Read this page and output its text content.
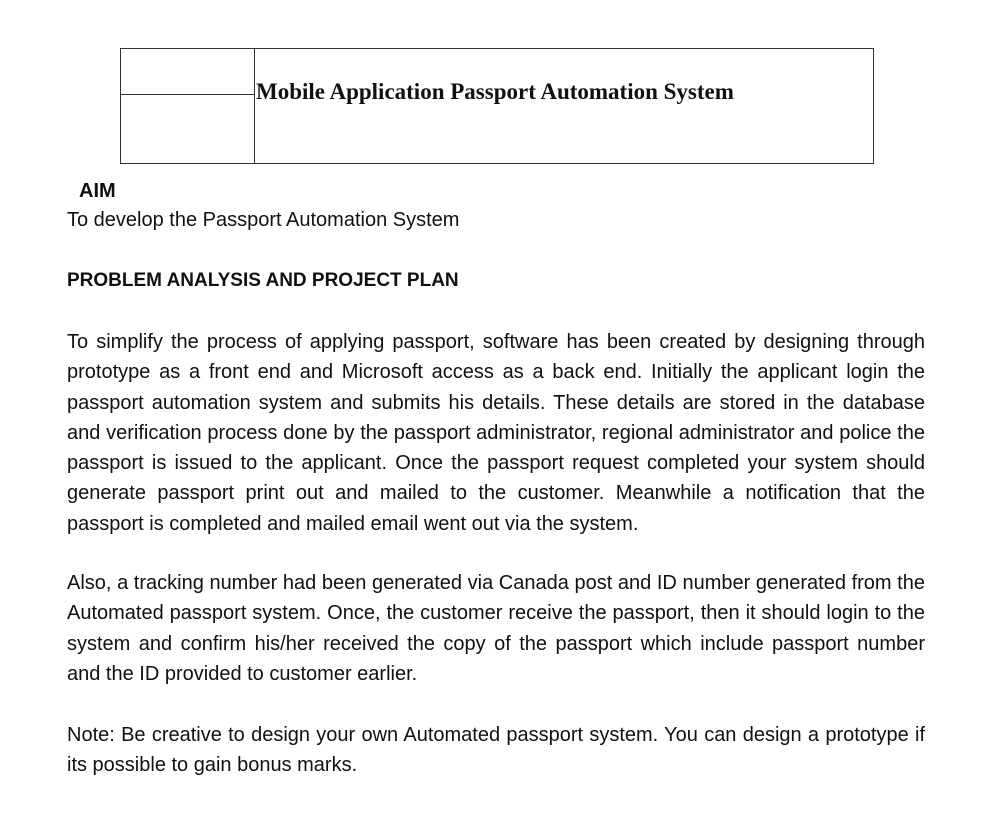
Mobile Application Passport Automation System
AIM
To develop the Passport Automation System
PROBLEM ANALYSIS AND PROJECT PLAN

To simplify the process of applying passport, software has been created by designing through prototype as a front end and Microsoft access as a back end. Initially the applicant login the passport automation system and submits his details. These details are stored in the database and verification process done by the passport administrator, regional administrator and police the passport is issued to the applicant. Once the passport request completed your system should generate passport print out and mailed to the customer. Meanwhile a notification that the passport is completed and mailed email went out via the system.

Also, a tracking number had been generated via Canada post and ID number generated from the Automated passport system. Once, the customer receive the passport, then it should login to the system and confirm his/her received the copy of the passport which include passport number and the ID provided to customer earlier.

Note: Be creative to design your own Automated passport system. You can design a prototype if its possible to gain bonus marks.
